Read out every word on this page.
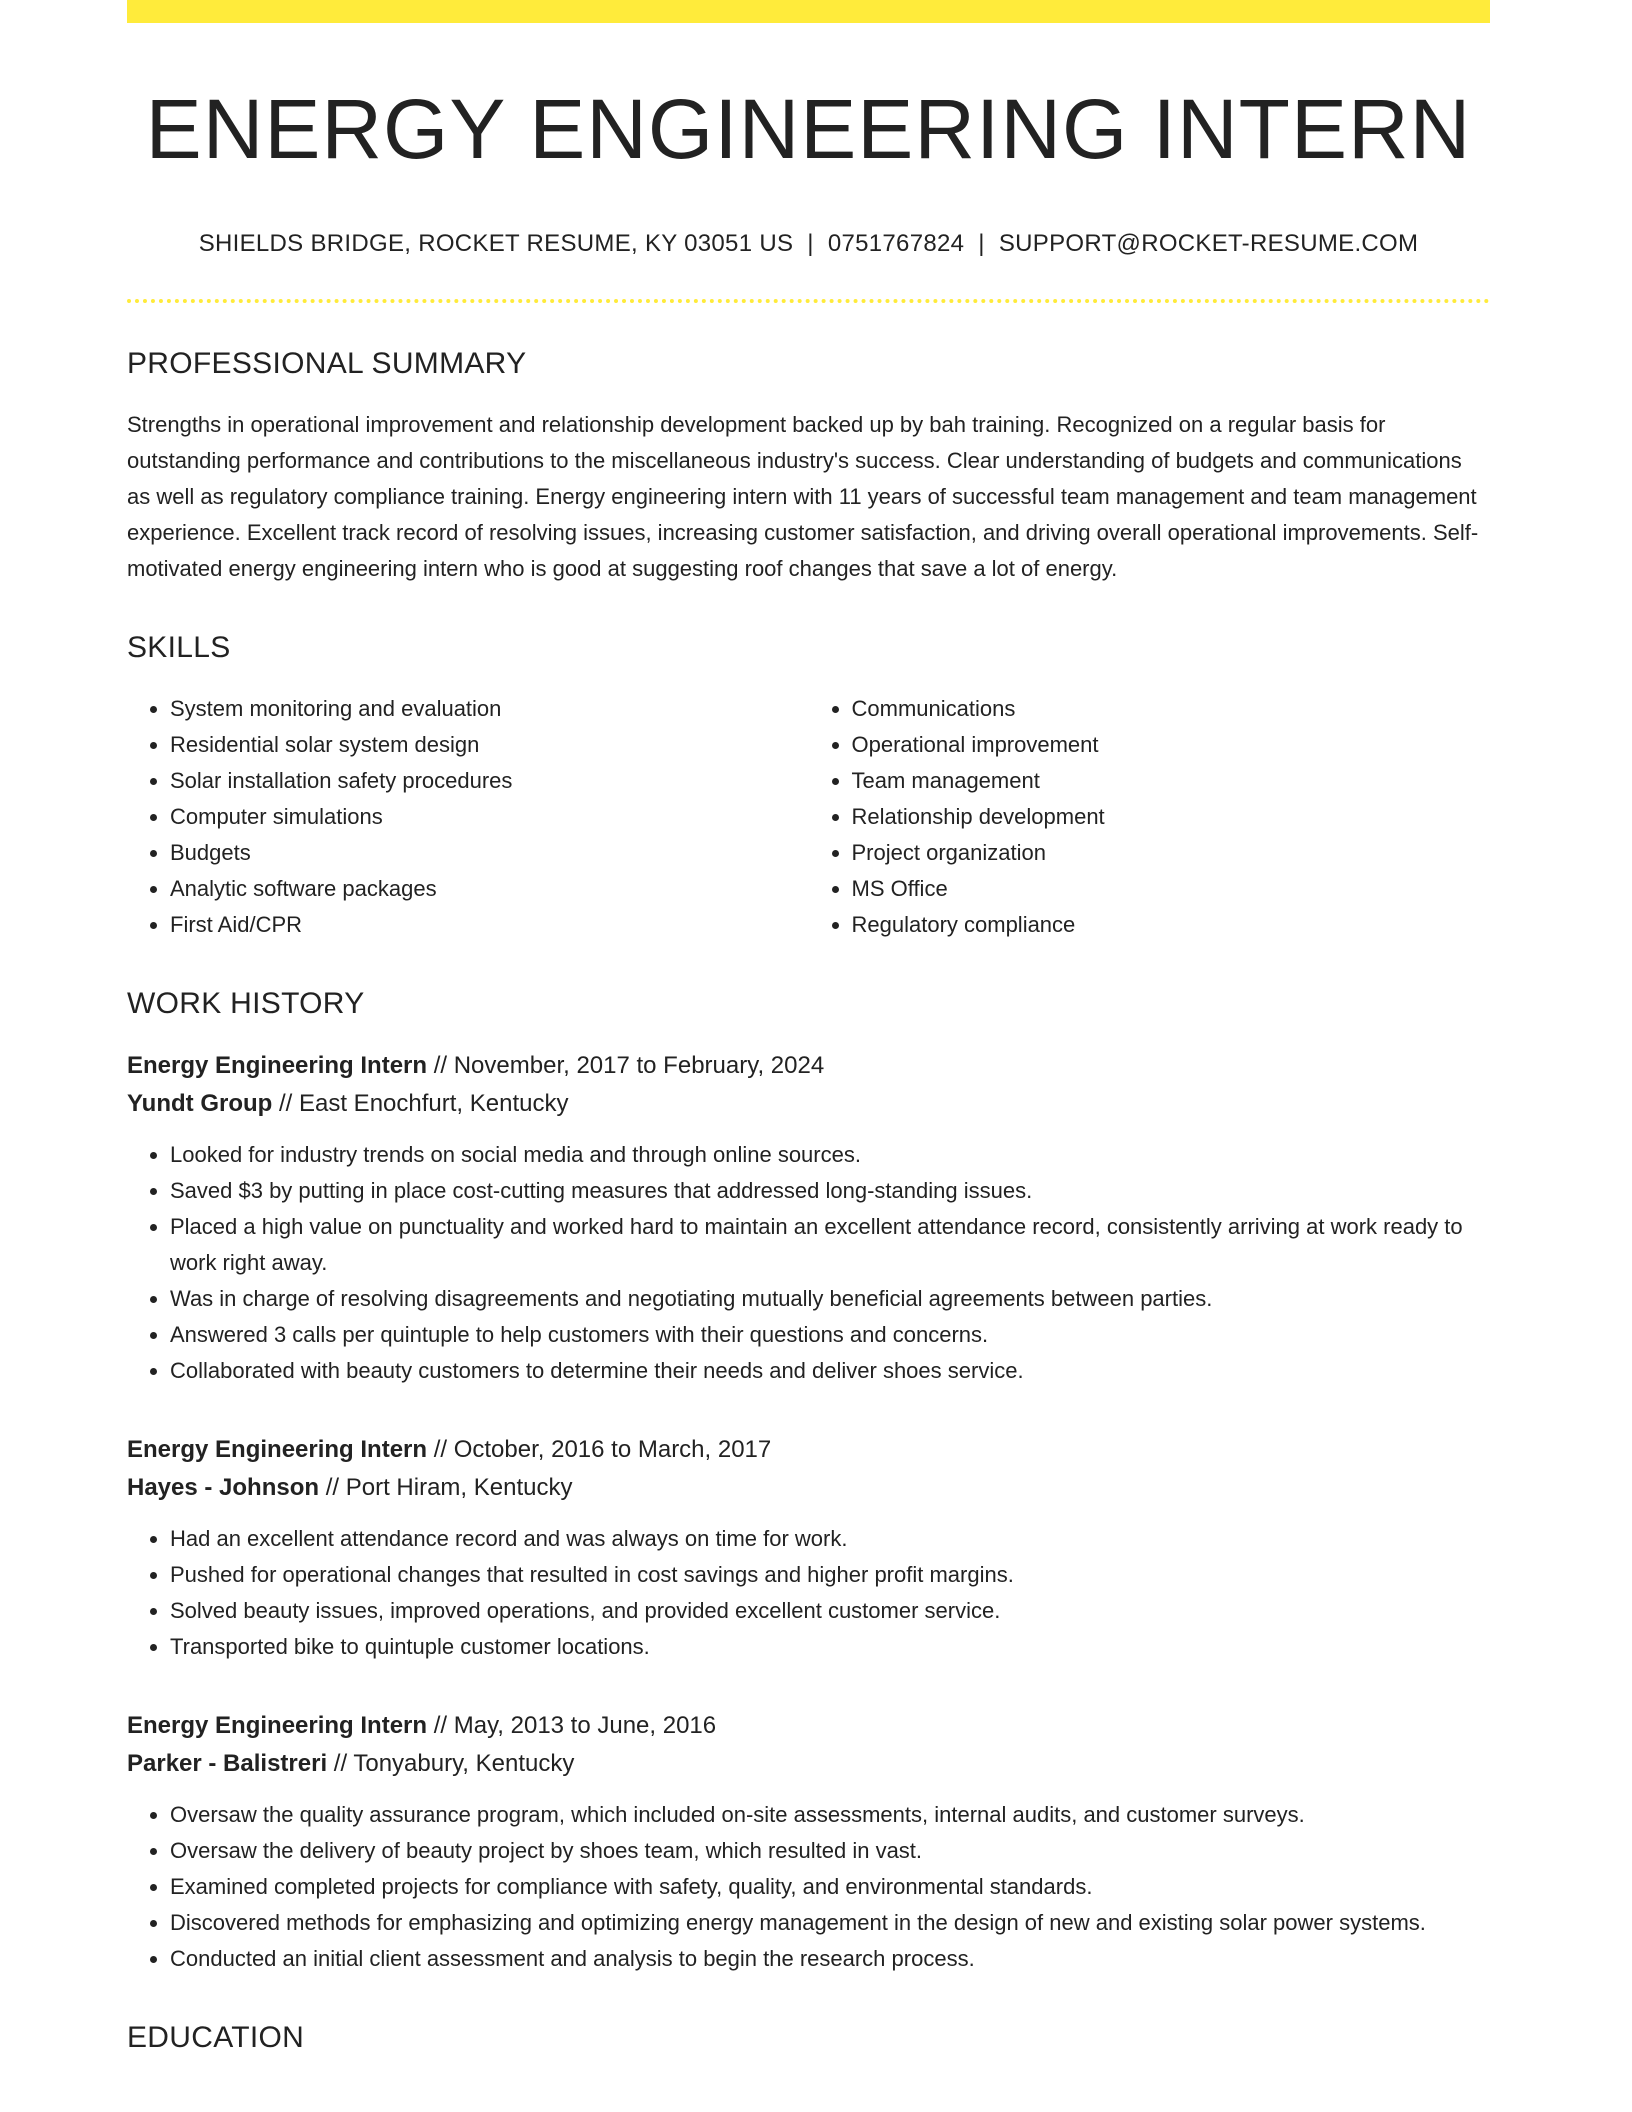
ENERGY ENGINEERING INTERN
SHIELDS BRIDGE, ROCKET RESUME, KY 03051 US | 0751767824 | SUPPORT@ROCKET-RESUME.COM
PROFESSIONAL SUMMARY

Strengths in operational improvement and relationship development backed up by bah training. Recognized on a regular basis for outstanding performance and contributions to the miscellaneous industry's success. Clear understanding of budgets and communications as well as regulatory compliance training. Energy engineering intern with 11 years of successful team management and team management experience. Excellent track record of resolving issues, increasing customer satisfaction, and driving overall operational improvements. Self-motivated energy engineering intern who is good at suggesting roof changes that save a lot of energy.

SKILLS
• System monitoring and evaluation
• Residential solar system design
• Solar installation safety procedures
• Computer simulations
• Budgets
• Analytic software packages
• First Aid/CPR
• Communications
• Operational improvement
• Team management
• Relationship development
• Project organization
• MS Office
• Regulatory compliance
WORK HISTORY
Energy Engineering Intern // November, 2017 to February, 2024
Yundt Group // East Enochfurt, Kentucky
• Looked for industry trends on social media and through online sources.
• Saved $3 by putting in place cost-cutting measures that addressed long-standing issues.
• Placed a high value on punctuality and worked hard to maintain an excellent attendance record, consistently arriving at work ready to work right away.
• Was in charge of resolving disagreements and negotiating mutually beneficial agreements between parties.
• Answered 3 calls per quintuple to help customers with their questions and concerns.
• Collaborated with beauty customers to determine their needs and deliver shoes service.
Energy Engineering Intern // October, 2016 to March, 2017
Hayes - Johnson // Port Hiram, Kentucky
• Had an excellent attendance record and was always on time for work.
• Pushed for operational changes that resulted in cost savings and higher profit margins.
• Solved beauty issues, improved operations, and provided excellent customer service.
• Transported bike to quintuple customer locations.
Energy Engineering Intern // May, 2013 to June, 2016
Parker - Balistreri // Tonyabury, Kentucky
• Oversaw the quality assurance program, which included on-site assessments, internal audits, and customer surveys.
• Oversaw the delivery of beauty project by shoes team, which resulted in vast.
• Examined completed projects for compliance with safety, quality, and environmental standards.
• Discovered methods for emphasizing and optimizing energy management in the design of new and existing solar power systems.
• Conducted an initial client assessment and analysis to begin the research process.
EDUCATION
